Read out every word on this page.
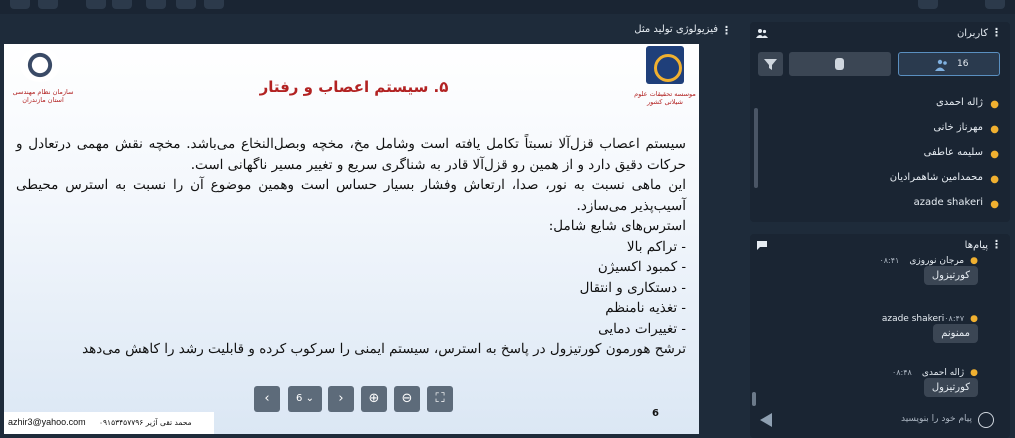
فیزیولوژی تولید مثل ⋮
سازمان نظام مهندسی استان مازندران
موسسه تحقیقات علوم شیلاتی کشور
۵. سیستم اعصاب و رفتار
سیستم اعصاب قزل‌آلا نسبتاً تکامل یافته است وشامل مخ، مخچه وبصل‌النخاع می‌باشد. مخچه نقش مهمی درتعادل و حرکات دقیق دارد و از همین رو قزل‌آلا قادر به شناگری سریع و تغییر مسیر ناگهانی است.
این ماهی نسبت به نور، صدا، ارتعاش وفشار بسیار حساس است وهمین موضوع آن را نسبت به استرس محیطی آسیب‌پذیر می‌سازد.
استرس‌های شایع شامل:
- تراکم بالا
- کمبود اکسیژن
- دستکاری و انتقال
- تغذیه نامنظم
- تغییرات دمایی
ترشح هورمون کورتیزول در پاسخ به استرس، سیستم ایمنی را سرکوب کرده و قابلیت رشد را کاهش می‌دهد
‹	6 ⌄	›	⊕	⊖	⛶
6
azhir3@yahoo.com محمد تقی آژیر ۰۹۱۵۳۴۵۷۷۹۶
کاربران ⋮
16
●
ژاله احمدی
●
مهرناز خانی
●
سلیمه عاطفی
●
محمدامین شاهمرادیان
●
azade shakeri
پیام‌ها ⋮
●مرجان نوروزی۰۸:۴۱
کورتیزول
●azade shakeri۰۸:۴۷
ممنونم
●ژاله احمدی۰۸:۴۸
کورتیزول
پیام خود را بنویسید
